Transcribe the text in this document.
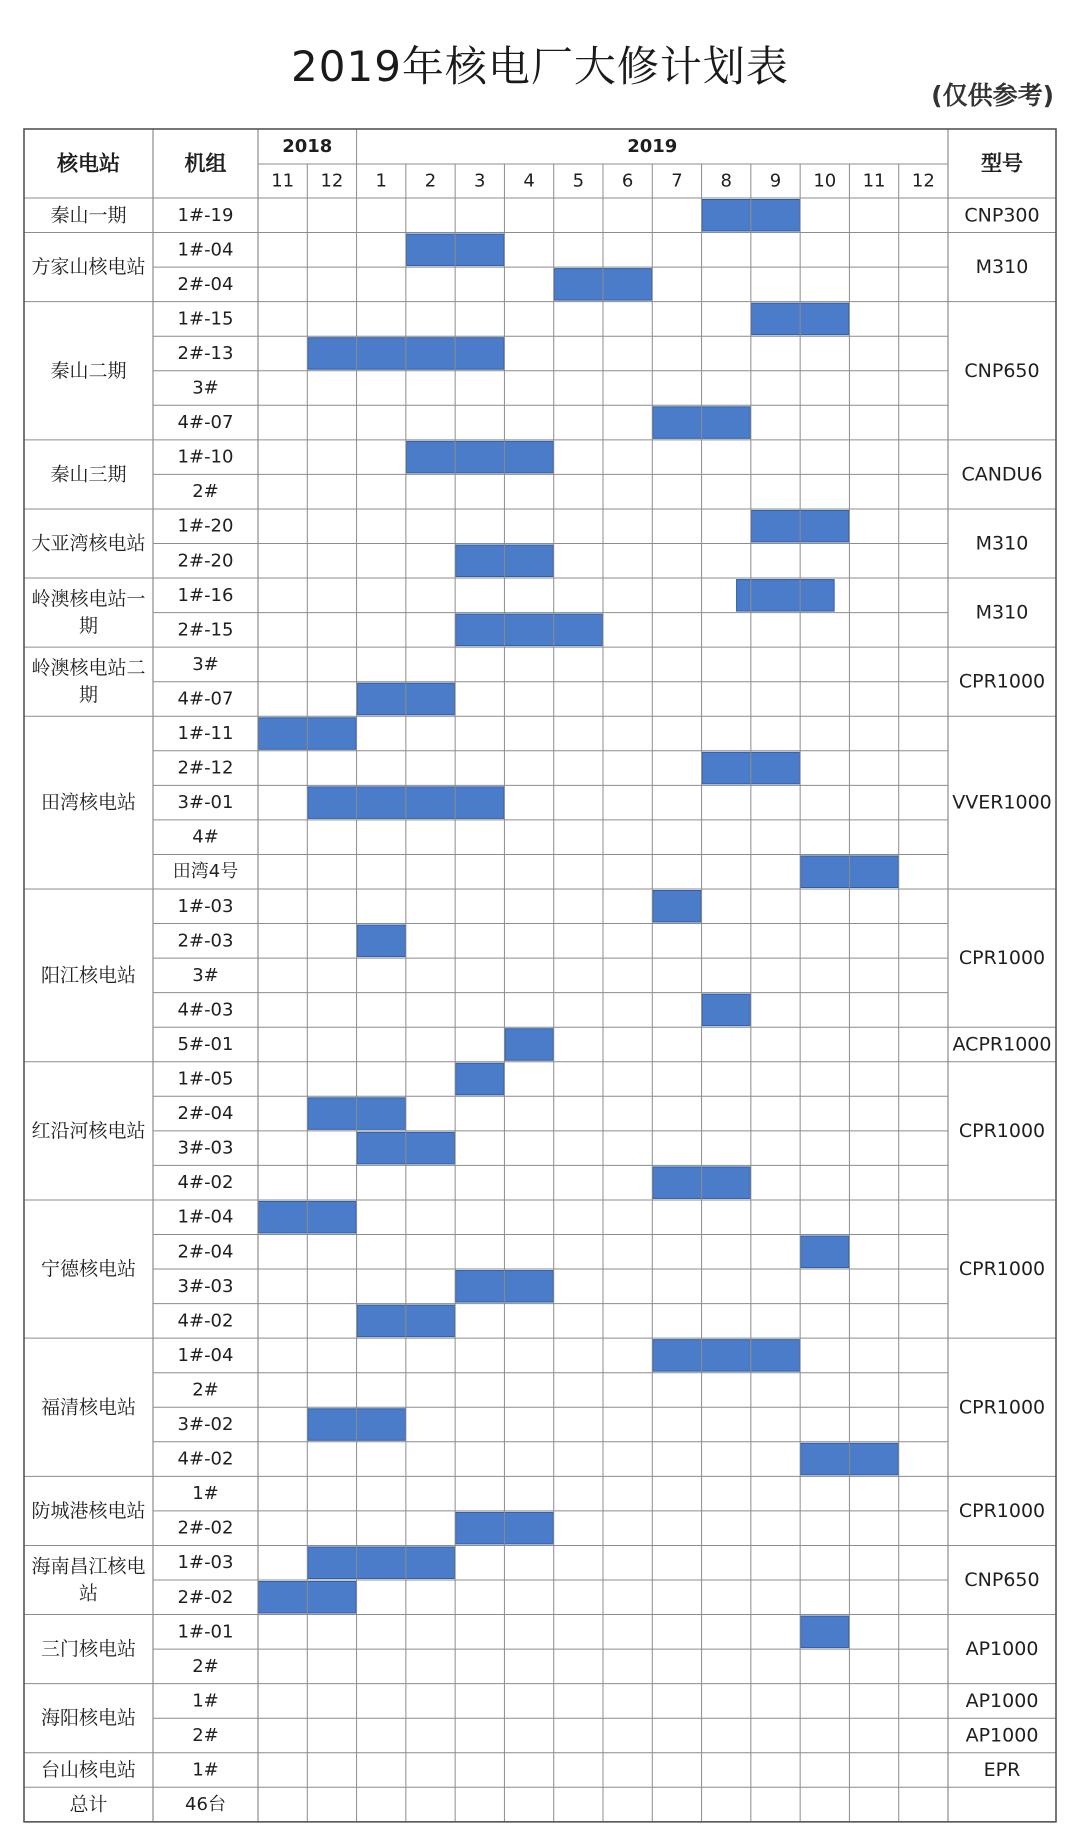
2019年核电厂大修计划表
(仅供参考)
核电站	机组	型号
2018
11 12
2019
1 2 3 4 5 6 7 8 9 10 11 12
1#-19
1#-04
2#-04
1#-15
2#-13
3#
4#-07
1#-10
2#
1#-20
2#-20
1#-16
2#-15
3#
4#-07
1#-11
2#-12
3#-01
4#
田湾4号
1#-03
2#-03
3#
4#-03
5#-01
1#-05
2#-04
3#-03
4#-02
1#-04
2#-04
3#-03
4#-02
1#-04
2#
3#-02
4#-02
1#
2#-02
1#-03
2#-02
1#-01
2#
1#
2#
1#
46台
秦山一期
方家山核电站
秦山二期
秦山三期
大亚湾核电站
岭澳核电站一
期
岭澳核电站二
期
田湾核电站
阳江核电站
红沿河核电站
宁德核电站
福清核电站
防城港核电站
海南昌江核电
站
三门核电站
海阳核电站
台山核电站
总计
CNP300
M310
CNP650
CANDU6
M310
M310
CPR1000
VVER1000
CPR1000
ACPR1000
CPR1000
CPR1000
CPR1000
CPR1000
CNP650
AP1000
AP1000
AP1000
EPR
